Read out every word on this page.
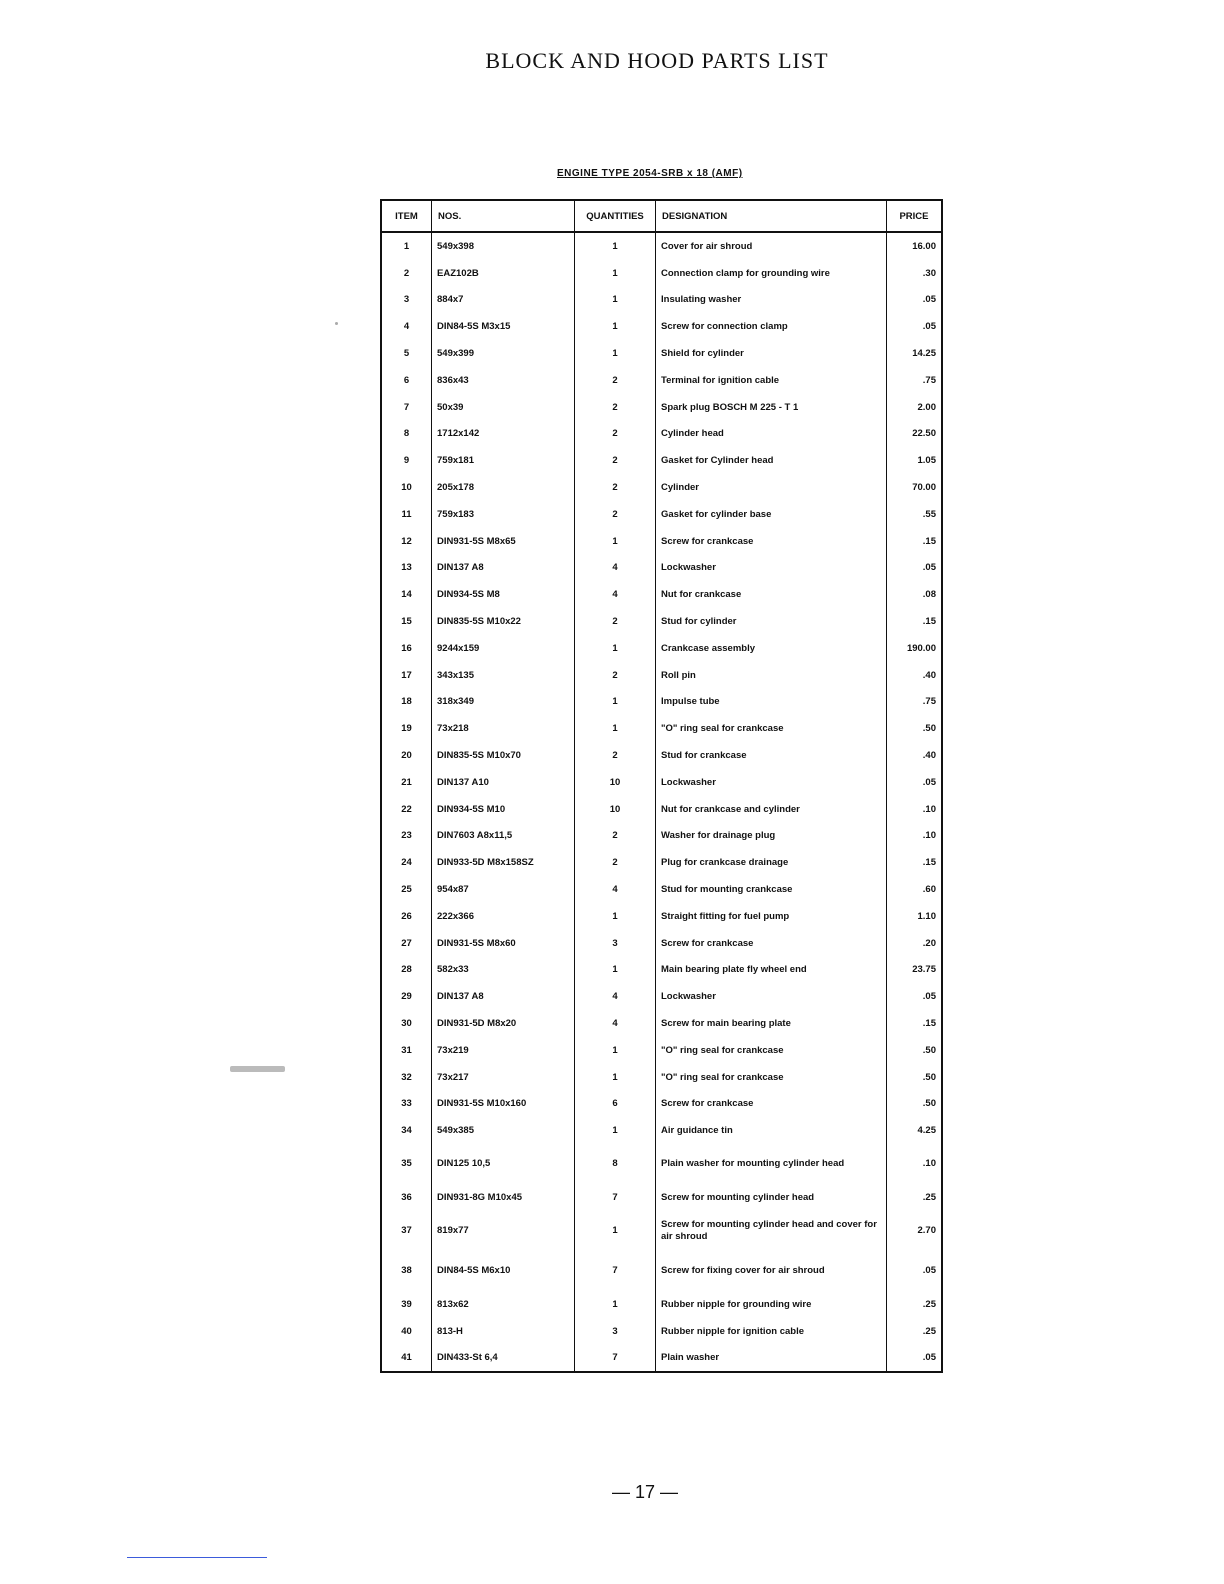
BLOCK AND HOOD PARTS LIST
ENGINE TYPE 2054-SRB x 18 (AMF)
ITEM	NOS.	QUANTITIES	DESIGNATION	PRICE
1	549x398	1	Cover for air shroud	16.00
2	EAZ102B	1	Connection clamp for grounding wire	.30
3	884x7	1	Insulating washer	.05
4	DIN84-5S M3x15	1	Screw for connection clamp	.05
5	549x399	1	Shield for cylinder	14.25
6	836x43	2	Terminal for ignition cable	.75
7	50x39	2	Spark plug BOSCH M 225 - T 1	2.00
8	1712x142	2	Cylinder head	22.50
9	759x181	2	Gasket for Cylinder head	1.05
10	205x178	2	Cylinder	70.00
11	759x183	2	Gasket for cylinder base	.55
12	DIN931-5S M8x65	1	Screw for crankcase	.15
13	DIN137 A8	4	Lockwasher	.05
14	DIN934-5S M8	4	Nut for crankcase	.08
15	DIN835-5S M10x22	2	Stud for cylinder	.15
16	9244x159	1	Crankcase assembly	190.00
17	343x135	2	Roll pin	.40
18	318x349	1	Impulse tube	.75
19	73x218	1	"O" ring seal for crankcase	.50
20	DIN835-5S M10x70	2	Stud for crankcase	.40
21	DIN137 A10	10	Lockwasher	.05
22	DIN934-5S M10	10	Nut for crankcase and cylinder	.10
23	DIN7603 A8x11,5	2	Washer for drainage plug	.10
24	DIN933-5D M8x158SZ	2	Plug for crankcase drainage	.15
25	954x87	4	Stud for mounting crankcase	.60
26	222x366	1	Straight fitting for fuel pump	1.10
27	DIN931-5S M8x60	3	Screw for crankcase	.20
28	582x33	1	Main bearing plate fly wheel end	23.75
29	DIN137 A8	4	Lockwasher	.05
30	DIN931-5D M8x20	4	Screw for main bearing plate	.15
31	73x219	1	"O" ring seal for crankcase	.50
32	73x217	1	"O" ring seal for crankcase	.50
33	DIN931-5S M10x160	6	Screw for crankcase	.50
34	549x385	1	Air guidance tin	4.25
35	DIN125 10,5	8	Plain washer for mounting cylinder head	.10
36	DIN931-8G M10x45	7	Screw for mounting cylinder head	.25
37	819x77	1	Screw for mounting cylinder head and cover for air shroud	2.70
38	DIN84-5S M6x10	7	Screw for fixing cover for air shroud	.05
39	813x62	1	Rubber nipple for grounding wire	.25
40	813-H	3	Rubber nipple for ignition cable	.25
41	DIN433-St 6,4	7	Plain washer	.05
— 17 —
